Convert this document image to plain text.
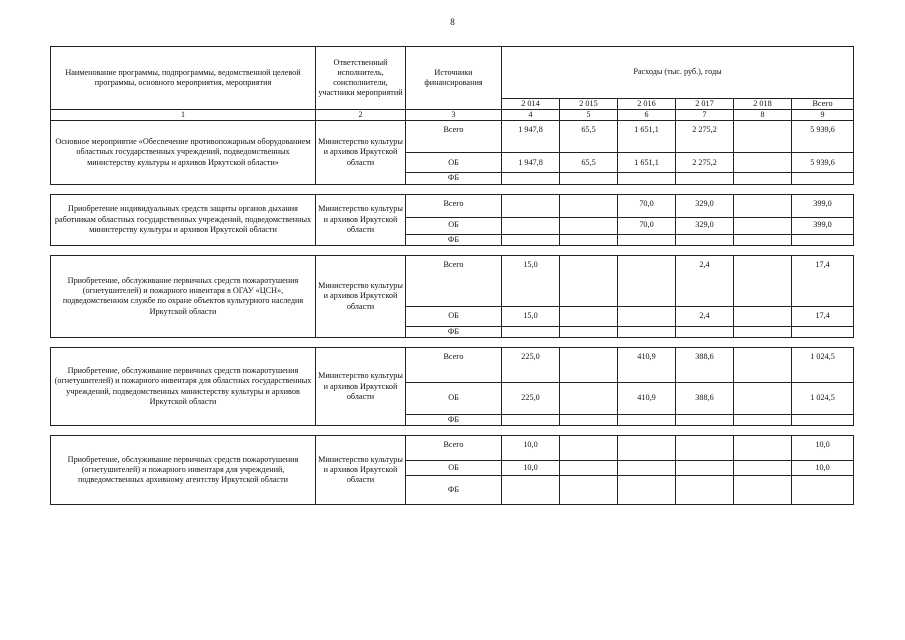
8
Наименование программы, подпрограммы, ведомственной целевой программы, основного мероприятия, мероприятия	Ответственный исполнитель, соисполнители, участники мероприятий	Источники финансирования	Расходы (тыс. руб.), годы					
			2 014	2 015	2 016	2 017	2 018	Всего
1	2	3	4	5	6	7	8	9
Основное мероприятие «Обеспечение противопожарным оборудованием областных государственных учреждений, подведомственных министерству культуры и архивов Иркутской области»	Министерство культуры и архивов Иркутской области	Всего	1 947,8	65,5	1 651,1	2 275,2		5 939,6
		ОБ	1 947,8	65,5	1 651,1	2 275,2		5 939,6
		ФБ						

Приобретение индивидуальных средств защиты органов дыхания работникам областных государственных учреждений, подведомственных министерству культуры и архивов Иркутской области	Министерство культуры и архивов Иркутской области	Всего			70,0	329,0		399,0
		ОБ			70,0	329,0		399,0
		ФБ						

Приобретение, обслуживание первичных средств пожаротушения (огнетушителей) и пожарного инвентаря в ОГАУ «ЦСН», подведомственном службе по охране объектов культурного наследия Иркутской области	Министерство культуры и архивов Иркутской области	Всего	15,0			2,4		17,4
		ОБ	15,0			2,4		17,4
		ФБ						

Приобретение, обслуживание первичных средств пожаротушения (огнетушителей) и пожарного инвентаря для областных государственных учреждений, подведомственных министерству культуры и архивов Иркутской области	Министерство культуры и архивов Иркутской области	Всего	225,0		410,9	388,6		1 024,5
		ОБ	225,0		410,9	388,6		1 024,5
		ФБ						

Приобретение, обслуживание первичных средств пожаротушения (огнетушителей) и пожарного инвентаря для учреждений, подведомственных архивному агентству Иркутской области	Министерство культуры и архивов Иркутской области	Всего	10,0					10,0
		ОБ	10,0					10,0
		ФБ						
